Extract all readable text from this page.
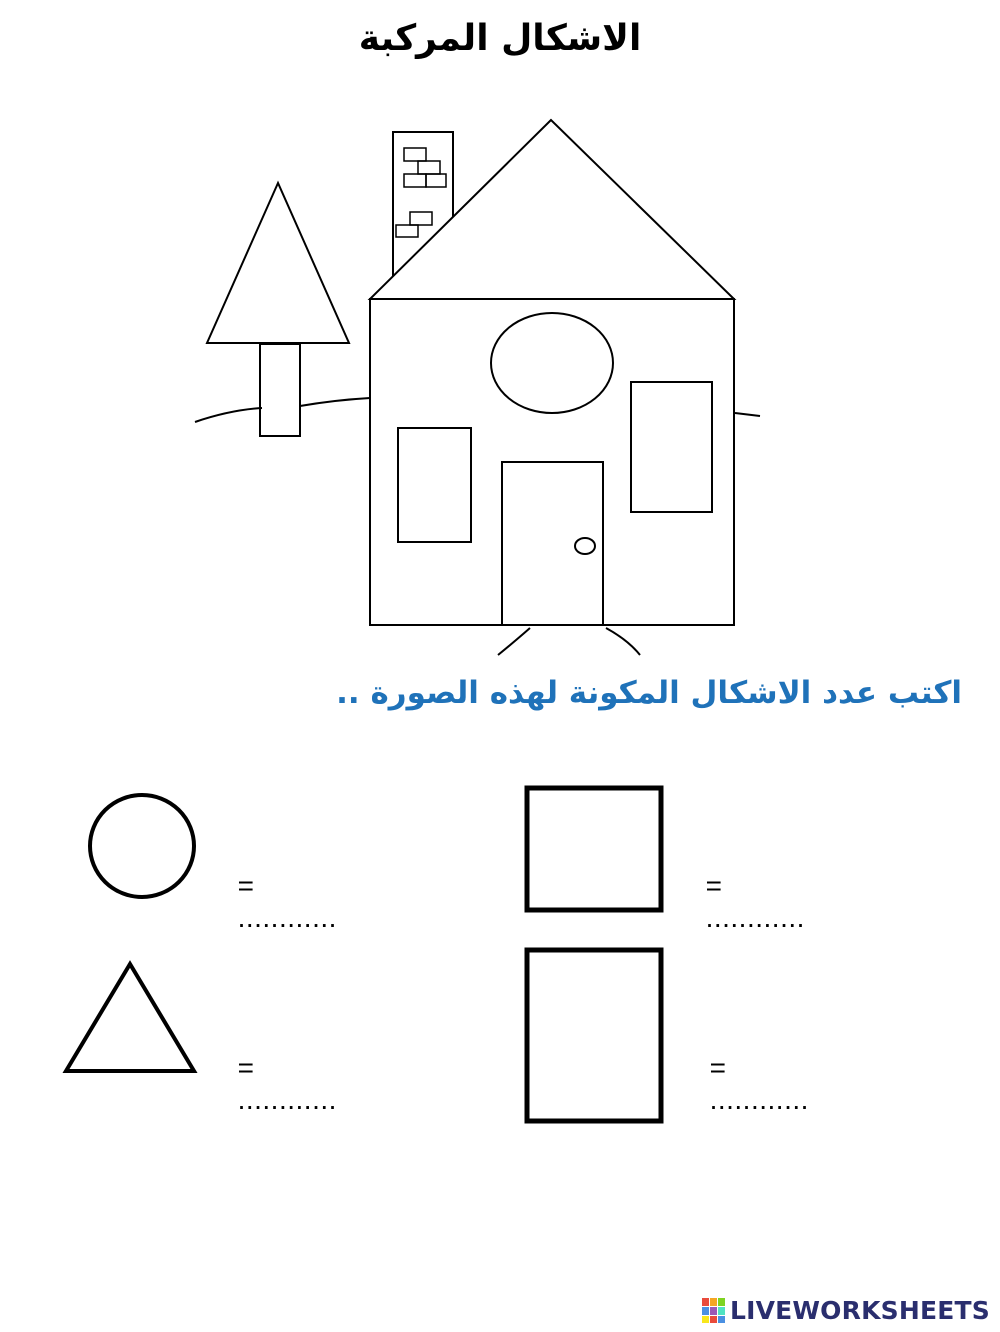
الاشكال المركبة
اكتب عدد الاشكال المكونة لهذه الصورة ..

=
............

=
............

=
............

=
............

LIVEWORKSHEETS
